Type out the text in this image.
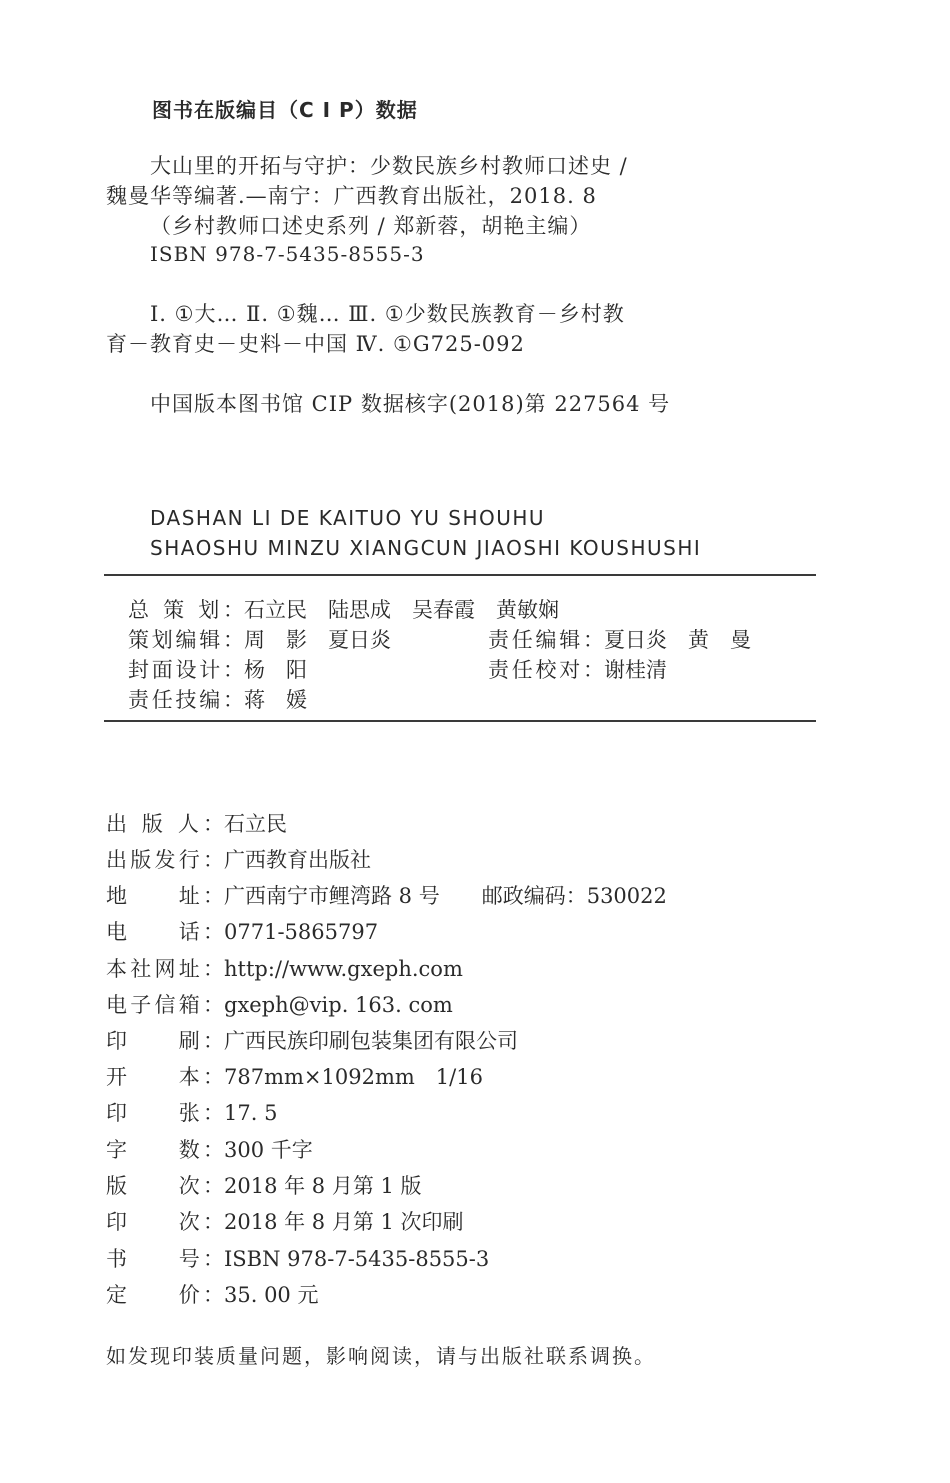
图书在版编目（C I P）数据
大山里的开拓与守护：少数民族乡村教师口述史 /
魏曼华等编著.—南宁：广西教育出版社，2018. 8
（乡村教师口述史系列 / 郑新蓉，胡艳主编）
ISBN 978-7-5435-8555-3
Ⅰ. ①大… Ⅱ. ①魏… Ⅲ. ①少数民族教育－乡村教
育－教育史－史料－中国 Ⅳ. ①G725-092
中国版本图书馆 CIP 数据核字(2018)第 227564 号
DASHAN LI DE KAITUO YU SHOUHU
SHAOSHU MINZU XIANGCUN JIAOSHI KOUSHUSHI
总 策 划：石立民　陆思成　吴春霞　黄敏娴
策划编辑：周　影　夏日炎	责任编辑：夏日炎　黄　曼
封面设计：杨　阳	责任校对：谢桂清
责任技编：蒋　媛
出 版 人：石立民
出版发行：广西教育出版社
地　　址：广西南宁市鲤湾路 8 号　　邮政编码：530022
电　　话：0771-5865797
本社网址：http://www.gxeph.com
电子信箱：gxeph@vip. 163. com
印　　刷：广西民族印刷包装集团有限公司
开　　本：787mm×1092mm　1/16
印　　张：17. 5
字　　数：300 千字
版　　次：2018 年 8 月第 1 版
印　　次：2018 年 8 月第 1 次印刷
书　　号：ISBN 978-7-5435-8555-3
定　　价：35. 00 元
如发现印装质量问题，影响阅读，请与出版社联系调换。
